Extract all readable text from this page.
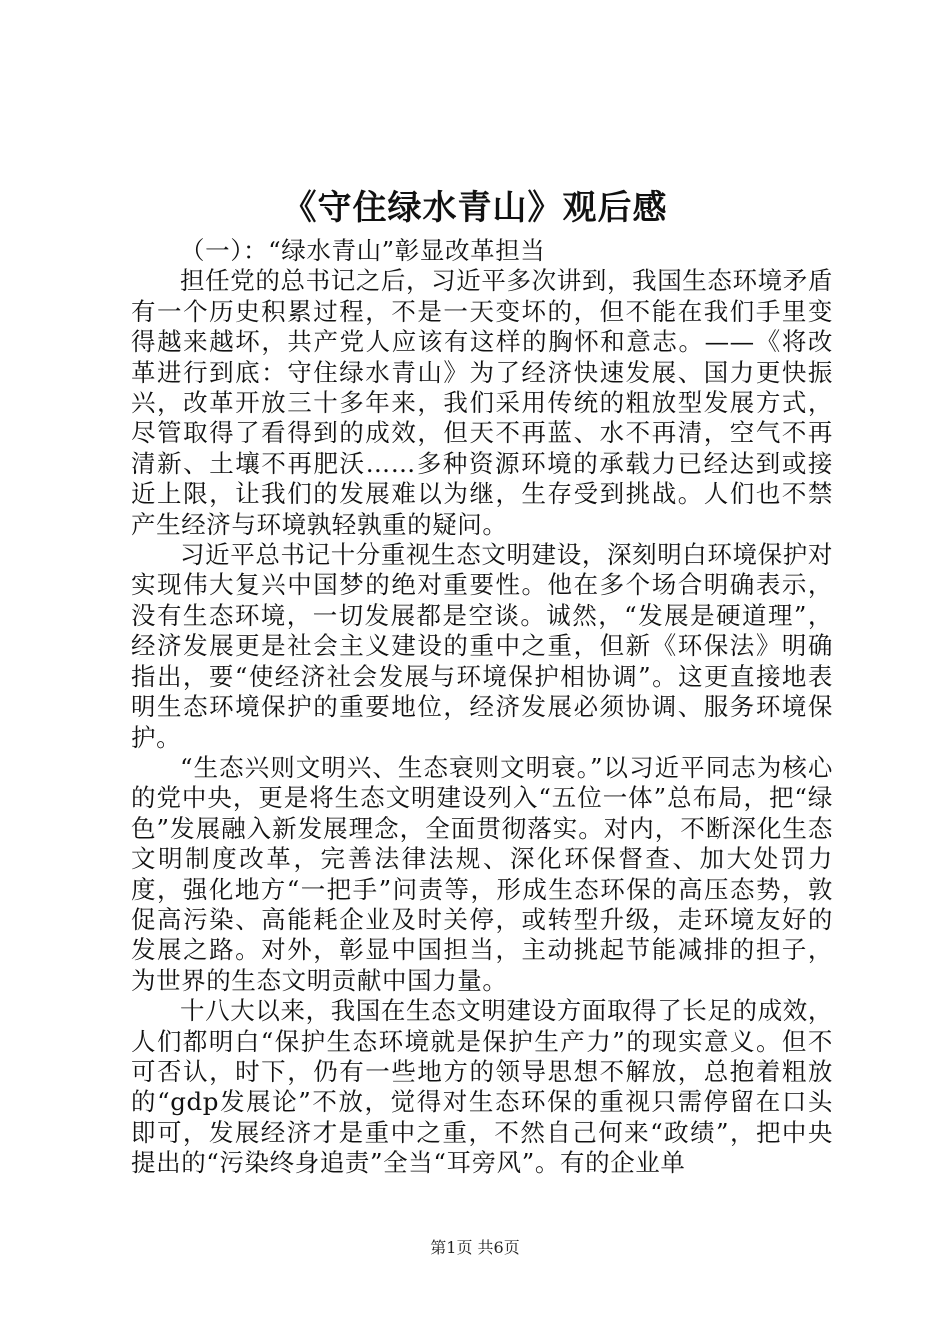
《守住绿水青山》观后感

（一）：“绿水青山”彰显改革担当

担任党的总书记之后，习近平多次讲到，我国生态环境矛盾有一个历史积累过程，不是一天变坏的，但不能在我们手里变得越来越坏，共产党人应该有这样的胸怀和意志。——《将改革进行到底：守住绿水青山》为了经济快速发展、国力更快振兴，改革开放三十多年来，我们采用传统的粗放型发展方式，尽管取得了看得到的成效，但天不再蓝、水不再清，空气不再清新、土壤不再肥沃……多种资源环境的承载力已经达到或接近上限，让我们的发展难以为继，生存受到挑战。人们也不禁产生经济与环境孰轻孰重的疑问。

习近平总书记十分重视生态文明建设，深刻明白环境保护对实现伟大复兴中国梦的绝对重要性。他在多个场合明确表示，没有生态环境，一切发展都是空谈。诚然，“发展是硬道理”，经济发展更是社会主义建设的重中之重，但新《环保法》明确指出，要“使经济社会发展与环境保护相协调”。这更直接地表明生态环境保护的重要地位，经济发展必须协调、服务环境保护。

“生态兴则文明兴、生态衰则文明衰。”以习近平同志为核心的党中央，更是将生态文明建设列入“五位一体”总布局，把“绿色”发展融入新发展理念，全面贯彻落实。对内，不断深化生态文明制度改革，完善法律法规、深化环保督查、加大处罚力度，强化地方“一把手”问责等，形成生态环保的高压态势，敦促高污染、高能耗企业及时关停，或转型升级，走环境友好的发展之路。对外，彰显中国担当，主动挑起节能减排的担子，为世界的生态文明贡献中国力量。

十八大以来，我国在生态文明建设方面取得了长足的成效，人们都明白“保护生态环境就是保护生产力”的现实意义。但不可否认，时下，仍有一些地方的领导思想不解放，总抱着粗放的“gdp发展论”不放，觉得对生态环保的重视只需停留在口头即可，发展经济才是重中之重，不然自己何来“政绩”，把中央提出的“污染终身追责”全当“耳旁风”。有的企业单

第1页 共6页
